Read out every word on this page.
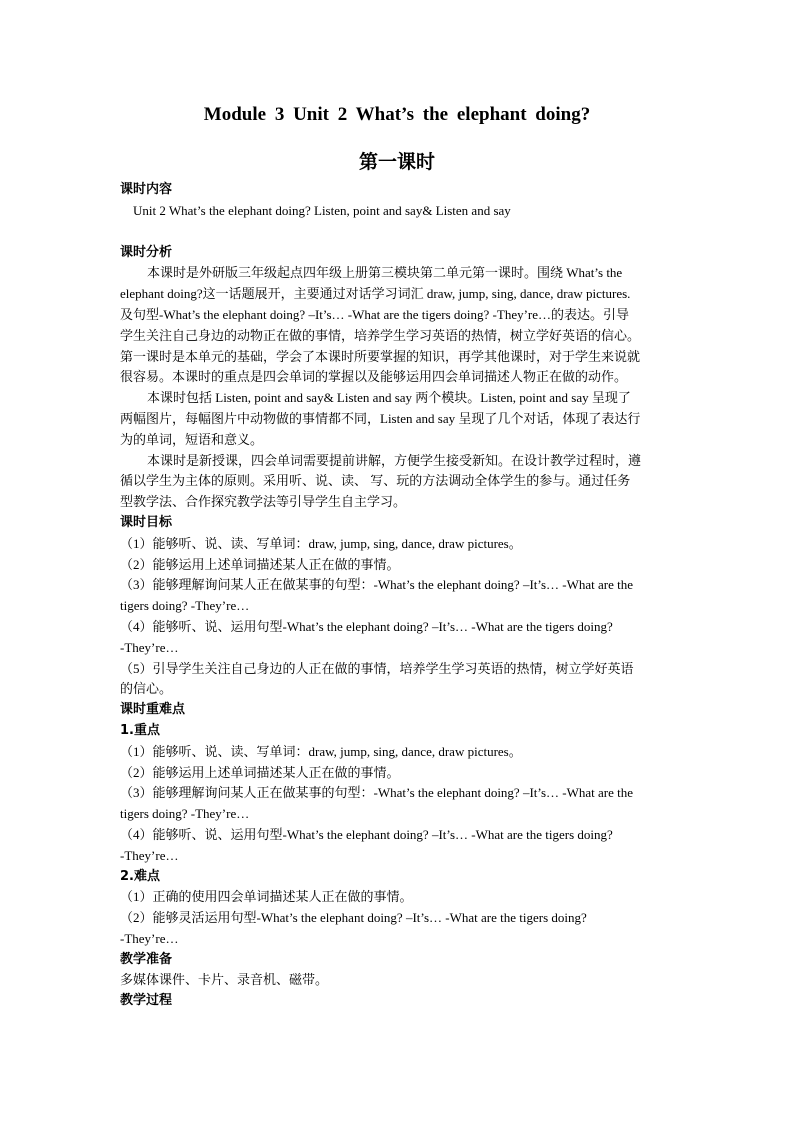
Module 3 Unit 2 What’s the elephant doing?
第一课时
课时内容
Unit 2 What’s the elephant doing? Listen, point and say& Listen and say
课时分析
本课时是外研版三年级起点四年级上册第三模块第二单元第一课时。围绕 What’s the
elephant doing?这一话题展开，主要通过对话学习词汇 draw, jump, sing, dance, draw pictures.
及句型-What’s the elephant doing? –It’s… -What are the tigers doing? -They’re…的表达。引导
学生关注自己身边的动物正在做的事情，培养学生学习英语的热情，树立学好英语的信心。
第一课时是本单元的基础，学会了本课时所要掌握的知识，再学其他课时，对于学生来说就
很容易。本课时的重点是四会单词的掌握以及能够运用四会单词描述人物正在做的动作。
本课时包括 Listen, point and say& Listen and say 两个模块。Listen, point and say 呈现了
两幅图片，每幅图片中动物做的事情都不同，Listen and say 呈现了几个对话，体现了表达行
为的单词，短语和意义。
本课时是新授课，四会单词需要提前讲解，方便学生接受新知。在设计教学过程时，遵
循以学生为主体的原则。采用听、说、读、 写、玩的方法调动全体学生的参与。通过任务
型教学法、合作探究教学法等引导学生自主学习。
课时目标
（1）能够听、说、读、写单词：draw, jump, sing, dance, draw pictures。
（2）能够运用上述单词描述某人正在做的事情。
（3）能够理解询问某人正在做某事的句型：-What’s the elephant doing? –It’s… -What are the
tigers doing? -They’re…
（4）能够听、说、运用句型-What’s the elephant doing? –It’s… -What are the tigers doing?
-They’re…
（5）引导学生关注自己身边的人正在做的事情，培养学生学习英语的热情，树立学好英语
的信心。
课时重难点
1.重点
（1）能够听、说、读、写单词：draw, jump, sing, dance, draw pictures。
（2）能够运用上述单词描述某人正在做的事情。
（3）能够理解询问某人正在做某事的句型：-What’s the elephant doing? –It’s… -What are the
tigers doing? -They’re…
（4）能够听、说、运用句型-What’s the elephant doing? –It’s… -What are the tigers doing?
-They’re…
2.难点
（1）正确的使用四会单词描述某人正在做的事情。
（2）能够灵活运用句型-What’s the elephant doing? –It’s… -What are the tigers doing?
-They’re…
教学准备
多媒体课件、卡片、录音机、磁带。
教学过程
